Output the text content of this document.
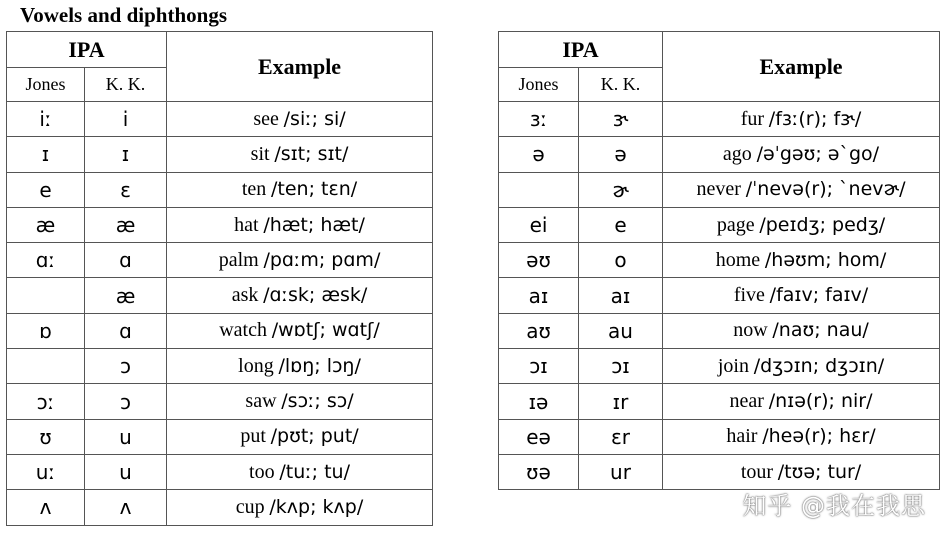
Vowels and diphthongs
IPA		Example
Jones	K. K.	
iː	i	see /siː; si/
ɪ	ɪ	sit /sɪt; sɪt/
e	ɛ	ten /ten; tɛn/
æ	æ	hat /hæt; hæt/
ɑː	ɑ	palm /pɑːm; pɑm/
	æ	ask /ɑːsk; æsk/
ɒ	ɑ	watch /wɒtʃ; wɑtʃ/
	ɔ	long /lɒŋ; lɔŋ/
ɔː	ɔ	saw /sɔː; sɔ/
ʊ	u	put /pʊt; put/
uː	u	too /tuː; tu/
ʌ	ʌ	cup /kʌp; kʌp/
IPA		Example
Jones	K. K.	
ɜː	ɝ	fur /fɜː(r); fɝ/
ə	ə	ago /əˈgəʊ; əˋgo/
	ɚ	never /ˈnevə(r); ˋnevɚ/
ei	e	page /peɪdʒ; pedʒ/
əʊ	o	home /həʊm; hom/
aɪ	aɪ	five /faɪv; faɪv/
aʊ	au	now /naʊ; nau/
ɔɪ	ɔɪ	join /dʒɔɪn; dʒɔɪn/
ɪə	ɪr	near /nɪə(r); nir/
eə	ɛr	hair /heə(r); hɛr/
ʊə	ur	tour /tʊə; tur/
知乎 @我在我思
